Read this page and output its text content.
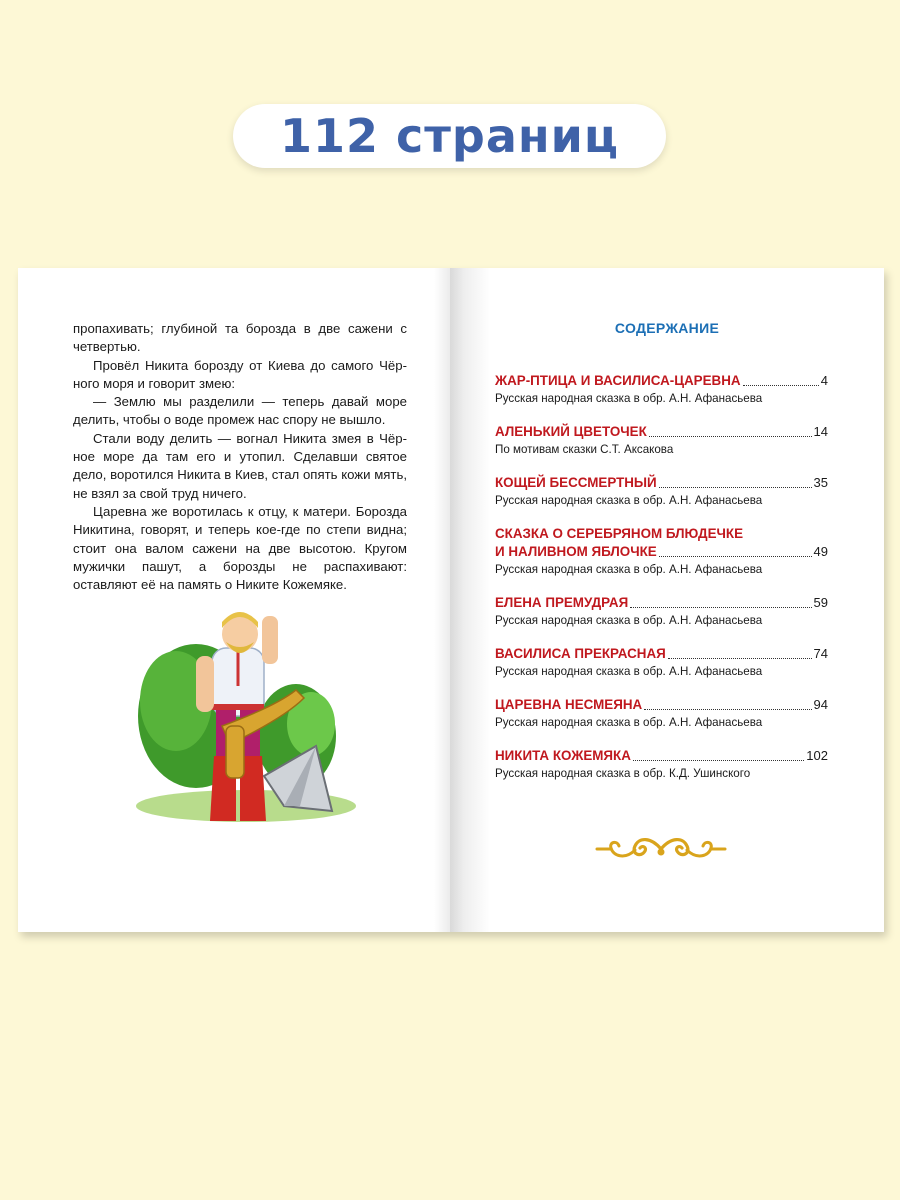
112 страниц

пропахивать; глубиной та борозда в две сажени с четвертью.

Провёл Никита борозду от Киева до самого Чёрного моря и говорит змею:

— Землю мы разделили — теперь давай море делить, чтобы о воде промеж нас спору не вышло.

Стали воду делить — вогнал Никита змея в Чёрное море да там его и утопил. Сделавши святое дело, воротился Никита в Киев, стал опять кожи мять, не взял за свой труд ничего.

Царевна же воротилась к отцу, к матери. Борозда Никитина, говорят, и теперь кое-где по степи видна; стоит она валом сажени на две высотою. Кругом мужички пашут, а борозды не распахивают: оставляют её на память о Никите Кожемяке.

СОДЕРЖАНИЕ
ЖАР-ПТИЦА И ВАСИЛИСА-ЦАРЕВНА	4
Русская народная сказка в обр. А.Н. Афанасьева
АЛЕНЬКИЙ ЦВЕТОЧЕК	14
По мотивам сказки С.Т. Аксакова
КОЩЕЙ БЕССМЕРТНЫЙ	35
Русская народная сказка в обр. А.Н. Афанасьева
СКАЗКА О СЕРЕБРЯНОМ БЛЮДЕЧКЕ
И НАЛИВНОМ ЯБЛОЧКЕ	49
Русская народная сказка в обр. А.Н. Афанасьева
ЕЛЕНА ПРЕМУДРАЯ	59
Русская народная сказка в обр. А.Н. Афанасьева
ВАСИЛИСА ПРЕКРАСНАЯ	74
Русская народная сказка в обр. А.Н. Афанасьева
ЦАРЕВНА НЕСМЕЯНА	94
Русская народная сказка в обр. А.Н. Афанасьева
НИКИТА КОЖЕМЯКА	102
Русская народная сказка в обр. К.Д. Ушинского
